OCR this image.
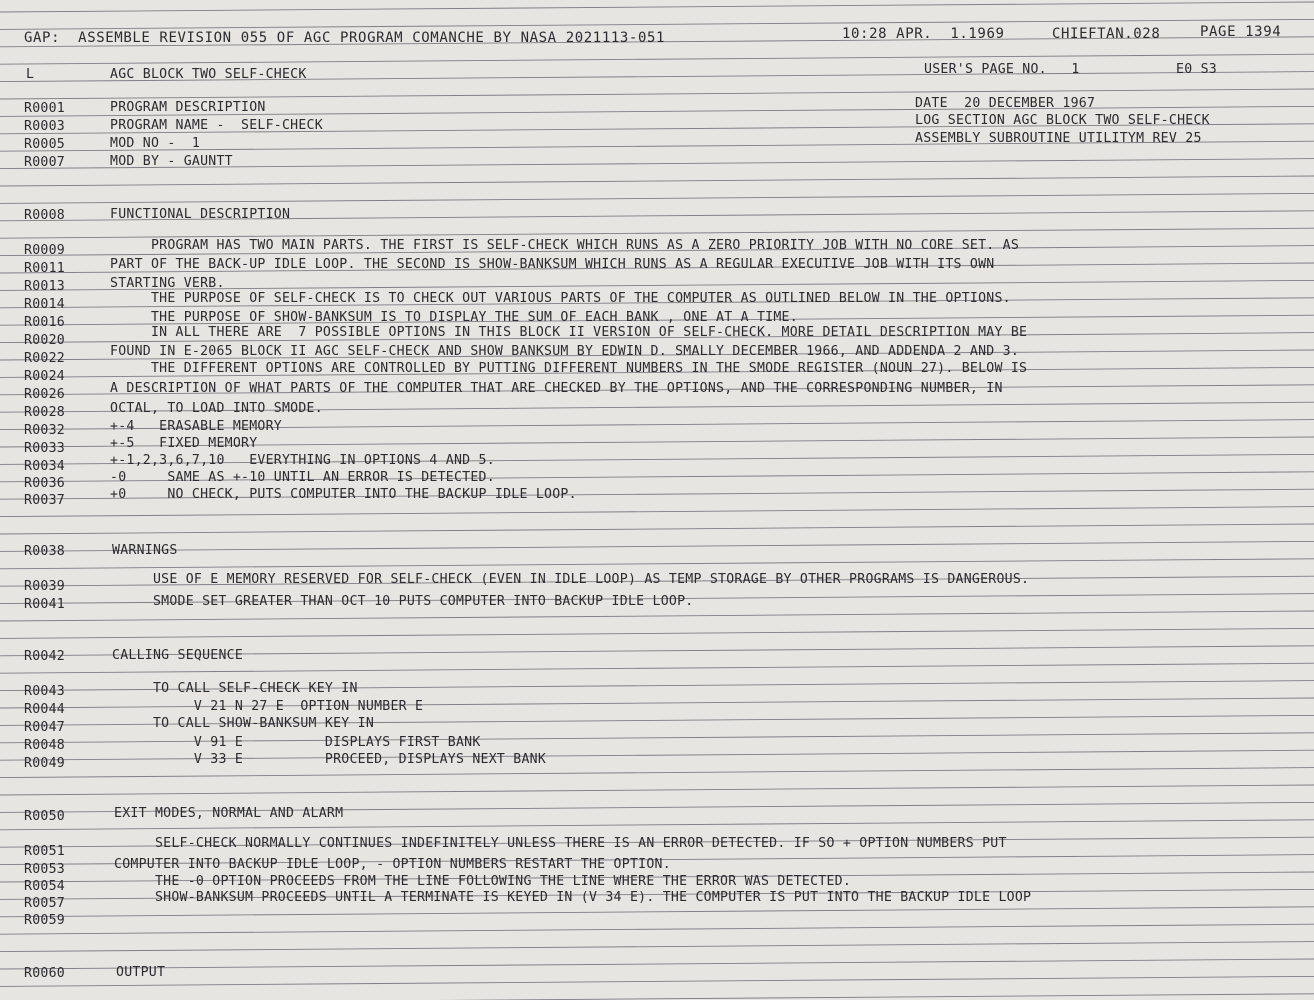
GAP:  ASSEMBLE REVISION 055 OF AGC PROGRAM COMANCHE BY NASA 2021113-051	10:28 APR.  1.1969	CHIEFTAN.028	PAGE 1394
L	AGC BLOCK TWO SELF-CHECK	USER'S PAGE NO.   1	E0 S3
DATE  20 DECEMBER 1967
LOG SECTION AGC BLOCK TWO SELF-CHECK
ASSEMBLY SUBROUTINE UTILITYM REV 25
R0001	PROGRAM DESCRIPTION
R0003	PROGRAM NAME -  SELF-CHECK
R0005	MOD NO -  1
R0007	MOD BY - GAUNTT
R0008	FUNCTIONAL DESCRIPTION
R0009	PROGRAM HAS TWO MAIN PARTS. THE FIRST IS SELF-CHECK WHICH RUNS AS A ZERO PRIORITY JOB WITH NO CORE SET. AS
R0011	PART OF THE BACK-UP IDLE LOOP. THE SECOND IS SHOW-BANKSUM WHICH RUNS AS A REGULAR EXECUTIVE JOB WITH ITS OWN
R0013	STARTING VERB.
R0014	THE PURPOSE OF SELF-CHECK IS TO CHECK OUT VARIOUS PARTS OF THE COMPUTER AS OUTLINED BELOW IN THE OPTIONS.
R0016	THE PURPOSE OF SHOW-BANKSUM IS TO DISPLAY THE SUM OF EACH BANK , ONE AT A TIME.
R0020
IN ALL THERE ARE  7 POSSIBLE OPTIONS IN THIS BLOCK II VERSION OF SELF-CHECK. MORE DETAIL DESCRIPTION MAY BE
R0022	FOUND IN E-2065 BLOCK II AGC SELF-CHECK AND SHOW BANKSUM BY EDWIN D. SMALLY DECEMBER 1966, AND ADDENDA 2 AND 3.
R0024
THE DIFFERENT OPTIONS ARE CONTROLLED BY PUTTING DIFFERENT NUMBERS IN THE SMODE REGISTER (NOUN 27). BELOW IS
R0026	A DESCRIPTION OF WHAT PARTS OF THE COMPUTER THAT ARE CHECKED BY THE OPTIONS, AND THE CORRESPONDING NUMBER, IN
R0028	OCTAL, TO LOAD INTO SMODE.
R0032	+-4   ERASABLE MEMORY
R0033	+-5   FIXED MEMORY
R0034	+-1,2,3,6,7,10   EVERYTHING IN OPTIONS 4 AND 5.
R0036	-0     SAME AS +-10 UNTIL AN ERROR IS DETECTED.
R0037	+0     NO CHECK, PUTS COMPUTER INTO THE BACKUP IDLE LOOP.
R0038	WARNINGS
R0039	USE OF E MEMORY RESERVED FOR SELF-CHECK (EVEN IN IDLE LOOP) AS TEMP STORAGE BY OTHER PROGRAMS IS DANGEROUS.
R0041	SMODE SET GREATER THAN OCT 10 PUTS COMPUTER INTO BACKUP IDLE LOOP.
R0042	CALLING SEQUENCE
R0043	TO CALL SELF-CHECK KEY IN
R0044	V 21 N 27 E  OPTION NUMBER E
R0047	TO CALL SHOW-BANKSUM KEY IN
R0048	V 91 E          DISPLAYS FIRST BANK
R0049	V 33 E          PROCEED, DISPLAYS NEXT BANK
R0050	EXIT MODES, NORMAL AND ALARM
R0051
SELF-CHECK NORMALLY CONTINUES INDEFINITELY UNLESS THERE IS AN ERROR DETECTED. IF SO + OPTION NUMBERS PUT
R0053	COMPUTER INTO BACKUP IDLE LOOP, - OPTION NUMBERS RESTART THE OPTION.
R0054	THE -0 OPTION PROCEEDS FROM THE LINE FOLLOWING THE LINE WHERE THE ERROR WAS DETECTED.
R0057	SHOW-BANKSUM PROCEEDS UNTIL A TERMINATE IS KEYED IN (V 34 E). THE COMPUTER IS PUT INTO THE BACKUP IDLE LOOP
R0059
R0060	OUTPUT
